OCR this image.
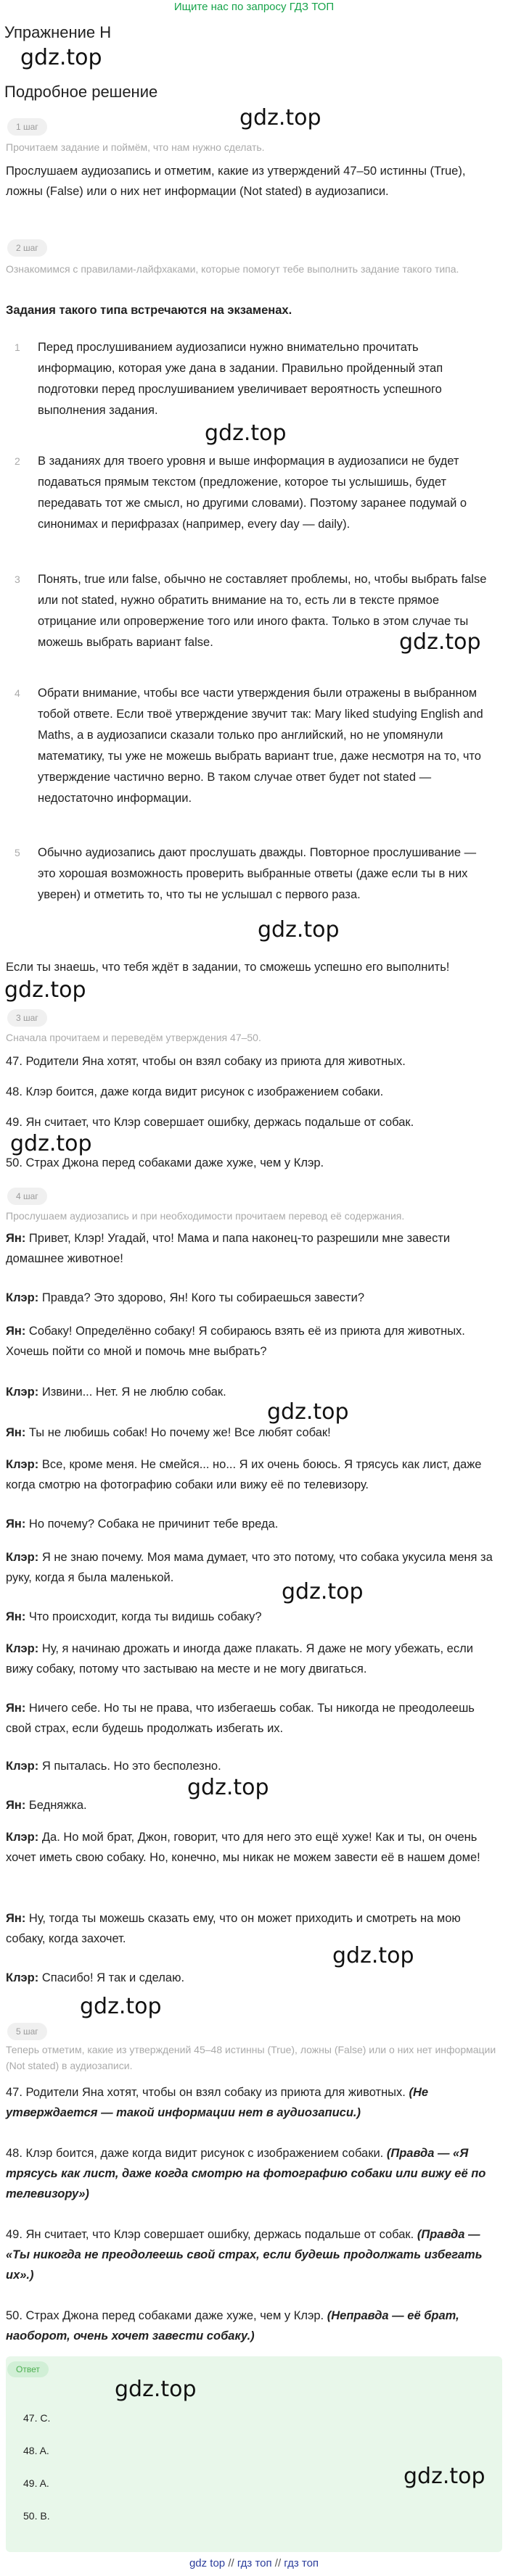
Ищите нас по запросу ГДЗ ТОП
Упражнение H
gdz.top
Подробное решение
1 шаг	gdz.top
Прочитаем задание и поймём, что нам нужно сделать.
Прослушаем аудиозапись и отметим, какие из утверждений 47–50 истинны (True), ложны (False) или о них нет информации (Not stated) в аудиозаписи.
2 шаг
Ознакомимся с правилами-лайфхаками, которые помогут тебе выполнить задание такого типа.
Задания такого типа встречаются на экзаменах.
1 Перед прослушиванием аудиозаписи нужно внимательно прочитать информацию, которая уже дана в задании. Правильно пройденный этап подготовки перед прослушиванием увеличивает вероятность успешного выполнения задания.
gdz.top
2 В заданиях для твоего уровня и выше информация в аудиозаписи не будет подаваться прямым текстом (предложение, которое ты услышишь, будет передавать тот же смысл, но другими словами). Поэтому заранее подумай о синонимах и перифразах (например, every day — daily).
3 Понять, true или false, обычно не составляет проблемы, но, чтобы выбрать false или not stated, нужно обратить внимание на то, есть ли в тексте прямое отрицание или опровержение того или иного факта. Только в этом случае ты можешь выбрать вариант false.	gdz.top
4 Обрати внимание, чтобы все части утверждения были отражены в выбранном тобой ответе. Если твоё утверждение звучит так: Mary liked studying English and Maths, а в аудиозаписи сказали только про английский, но не упомянули математику, ты уже не можешь выбрать вариант true, даже несмотря на то, что утверждение частично верно. В таком случае ответ будет not stated — недостаточно информации.
5 Обычно аудиозапись дают прослушать дважды. Повторное прослушивание — это хорошая возможность проверить выбранные ответы (даже если ты в них уверен) и отметить то, что ты не услышал с первого раза.
gdz.top
Если ты знаешь, что тебя ждёт в задании, то сможешь успешно его выполнить!
gdz.top
3 шаг
Сначала прочитаем и переведём утверждения 47–50.
47. Родители Яна хотят, чтобы он взял собаку из приюта для животных.
48. Клэр боится, даже когда видит рисунок с изображением собаки.
49. Ян считает, что Клэр совершает ошибку, держась подальше от собак.
gdz.top
50. Страх Джона перед собаками даже хуже, чем у Клэр.
4 шаг
Прослушаем аудиозапись и при необходимости прочитаем перевод её содержания.
Ян: Привет, Клэр! Угадай, что! Мама и папа наконец-то разрешили мне завести домашнее животное!
Клэр: Правда? Это здорово, Ян! Кого ты собираешься завести?
Ян: Собаку! Определённо собаку! Я собираюсь взять её из приюта для животных. Хочешь пойти со мной и помочь мне выбрать?
Клэр: Извини... Нет. Я не люблю собак.
gdz.top
Ян: Ты не любишь собак! Но почему же! Все любят собак!
Клэр: Все, кроме меня. Не смейся... но... Я их очень боюсь. Я трясусь как лист, даже когда смотрю на фотографию собаки или вижу её по телевизору.
Ян: Но почему? Собака не причинит тебе вреда.
Клэр: Я не знаю почему. Моя мама думает, что это потому, что собака укусила меня за руку, когда я была маленькой.
gdz.top
Ян: Что происходит, когда ты видишь собаку?
Клэр: Ну, я начинаю дрожать и иногда даже плакать. Я даже не могу убежать, если вижу собаку, потому что застываю на месте и не могу двигаться.
Ян: Ничего себе. Но ты не права, что избегаешь собак. Ты никогда не преодолеешь свой страх, если будешь продолжать избегать их.
Клэр: Я пыталась. Но это бесполезно.
gdz.top
Ян: Бедняжка.
Клэр: Да. Но мой брат, Джон, говорит, что для него это ещё хуже! Как и ты, он очень хочет иметь свою собаку. Но, конечно, мы никак не можем завести её в нашем доме!
Ян: Ну, тогда ты можешь сказать ему, что он может приходить и смотреть на мою собаку, когда захочет.
gdz.top
Клэр: Спасибо! Я так и сделаю.
gdz.top
5 шаг
Теперь отметим, какие из утверждений 45–48 истинны (True), ложны (False) или о них нет информации (Not stated) в аудиозаписи.
47. Родители Яна хотят, чтобы он взял собаку из приюта для животных. (Не утверждается — такой информации нет в аудиозаписи.)
48. Клэр боится, даже когда видит рисунок с изображением собаки. (Правда — «Я трясусь как лист, даже когда смотрю на фотографию собаки или вижу её по телевизору»)
49. Ян считает, что Клэр совершает ошибку, держась подальше от собак. (Правда — «Ты никогда не преодолеешь свой страх, если будешь продолжать избегать их».)
50. Страх Джона перед собаками даже хуже, чем у Клэр. (Неправда — её брат, наоборот, очень хочет завести собаку.)
Ответ
gdz.top
47. C.
48. A.
gdz.top
49. A.
50. B.
gdz top // гдз топ // гдз топ
